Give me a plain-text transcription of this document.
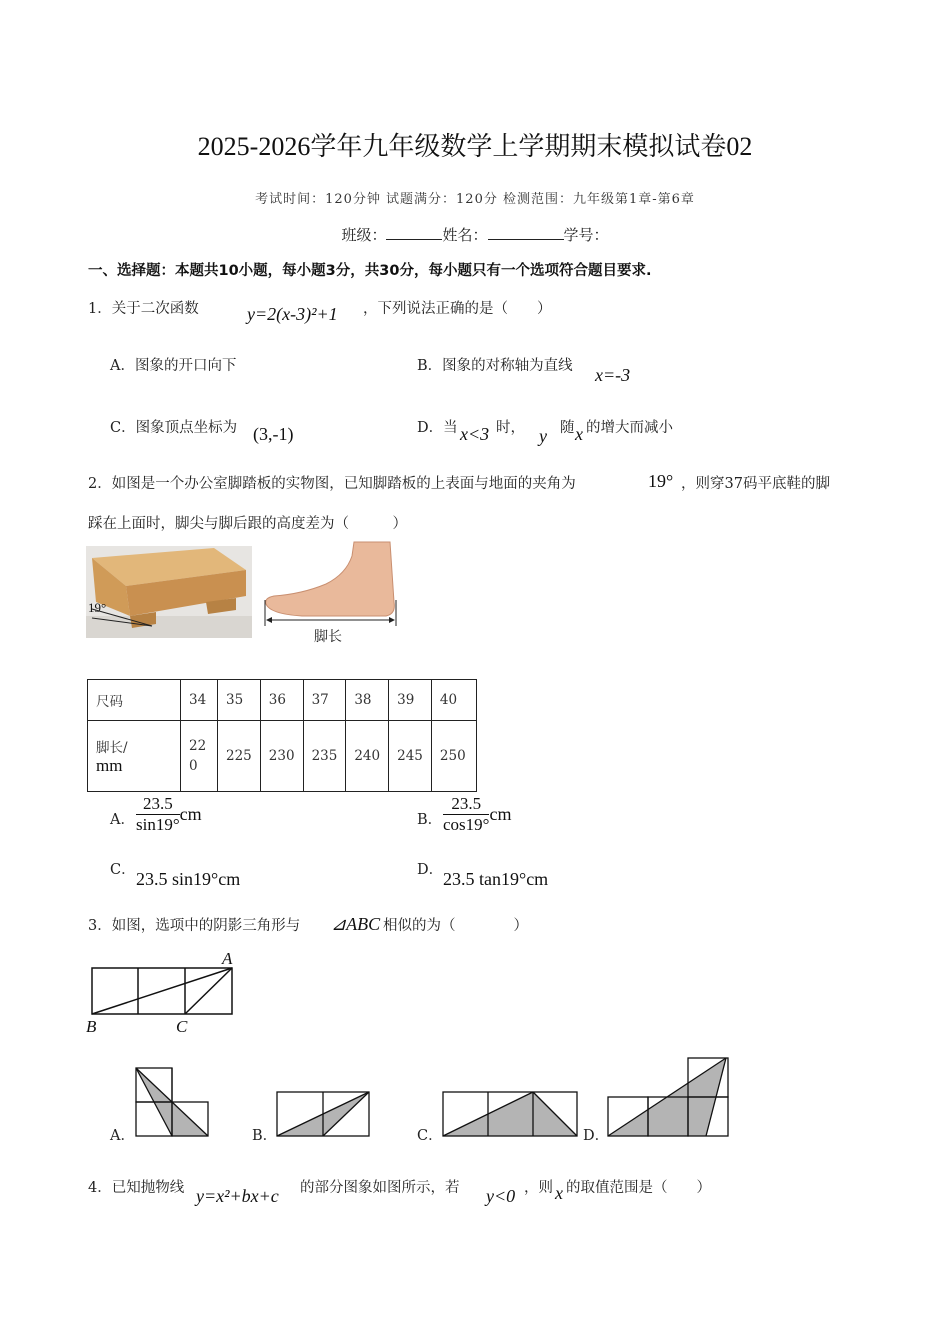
2025-2026学年九年级数学上学期期末模拟试卷02
考试时间：120分钟 试题满分：120分 检测范围：九年级第1章-第6章
班级：	姓名：	学号：
一、选择题：本题共10小题，每小题3分，共30分，每小题只有一个选项符合题目要求.
1．关于二次函数	y=2(x-3)²+1 ，下列说法正确的是（　　）
A．图象的开口向下	B．图象的对称轴为直线 x=-3
C．图象顶点坐标为 (3,-1)	D．当 x<3 时， y 随 x 的增大而减小
2．如图是一个办公室脚踏板的实物图，已知脚踏板的上表面与地面的夹角为	19° ，则穿37码平底鞋的脚
踩在上面时，脚尖与脚后跟的高度差为（　　　）
19°
脚长
尺码	34	35	36	37	38	39	40
脚长/
mm	220	225	230	235	240	245	250
A． $\frac{23.5}{\sin 19^\circ}$ cm	B． $\frac{23.5}{\cos 19^\circ}$ cm
C． 23.5 sin19°cm	D． 23.5 tan19°cm
3．如图，选项中的阴影三角形与 ⊿ABC 相似的为（　　　　）
A
B	C
A．	B．	C．	D．
4．已知抛物线 y=x²+bx+c 的部分图象如图所示，若 y<0 ，则 x 的取值范围是（　　）
